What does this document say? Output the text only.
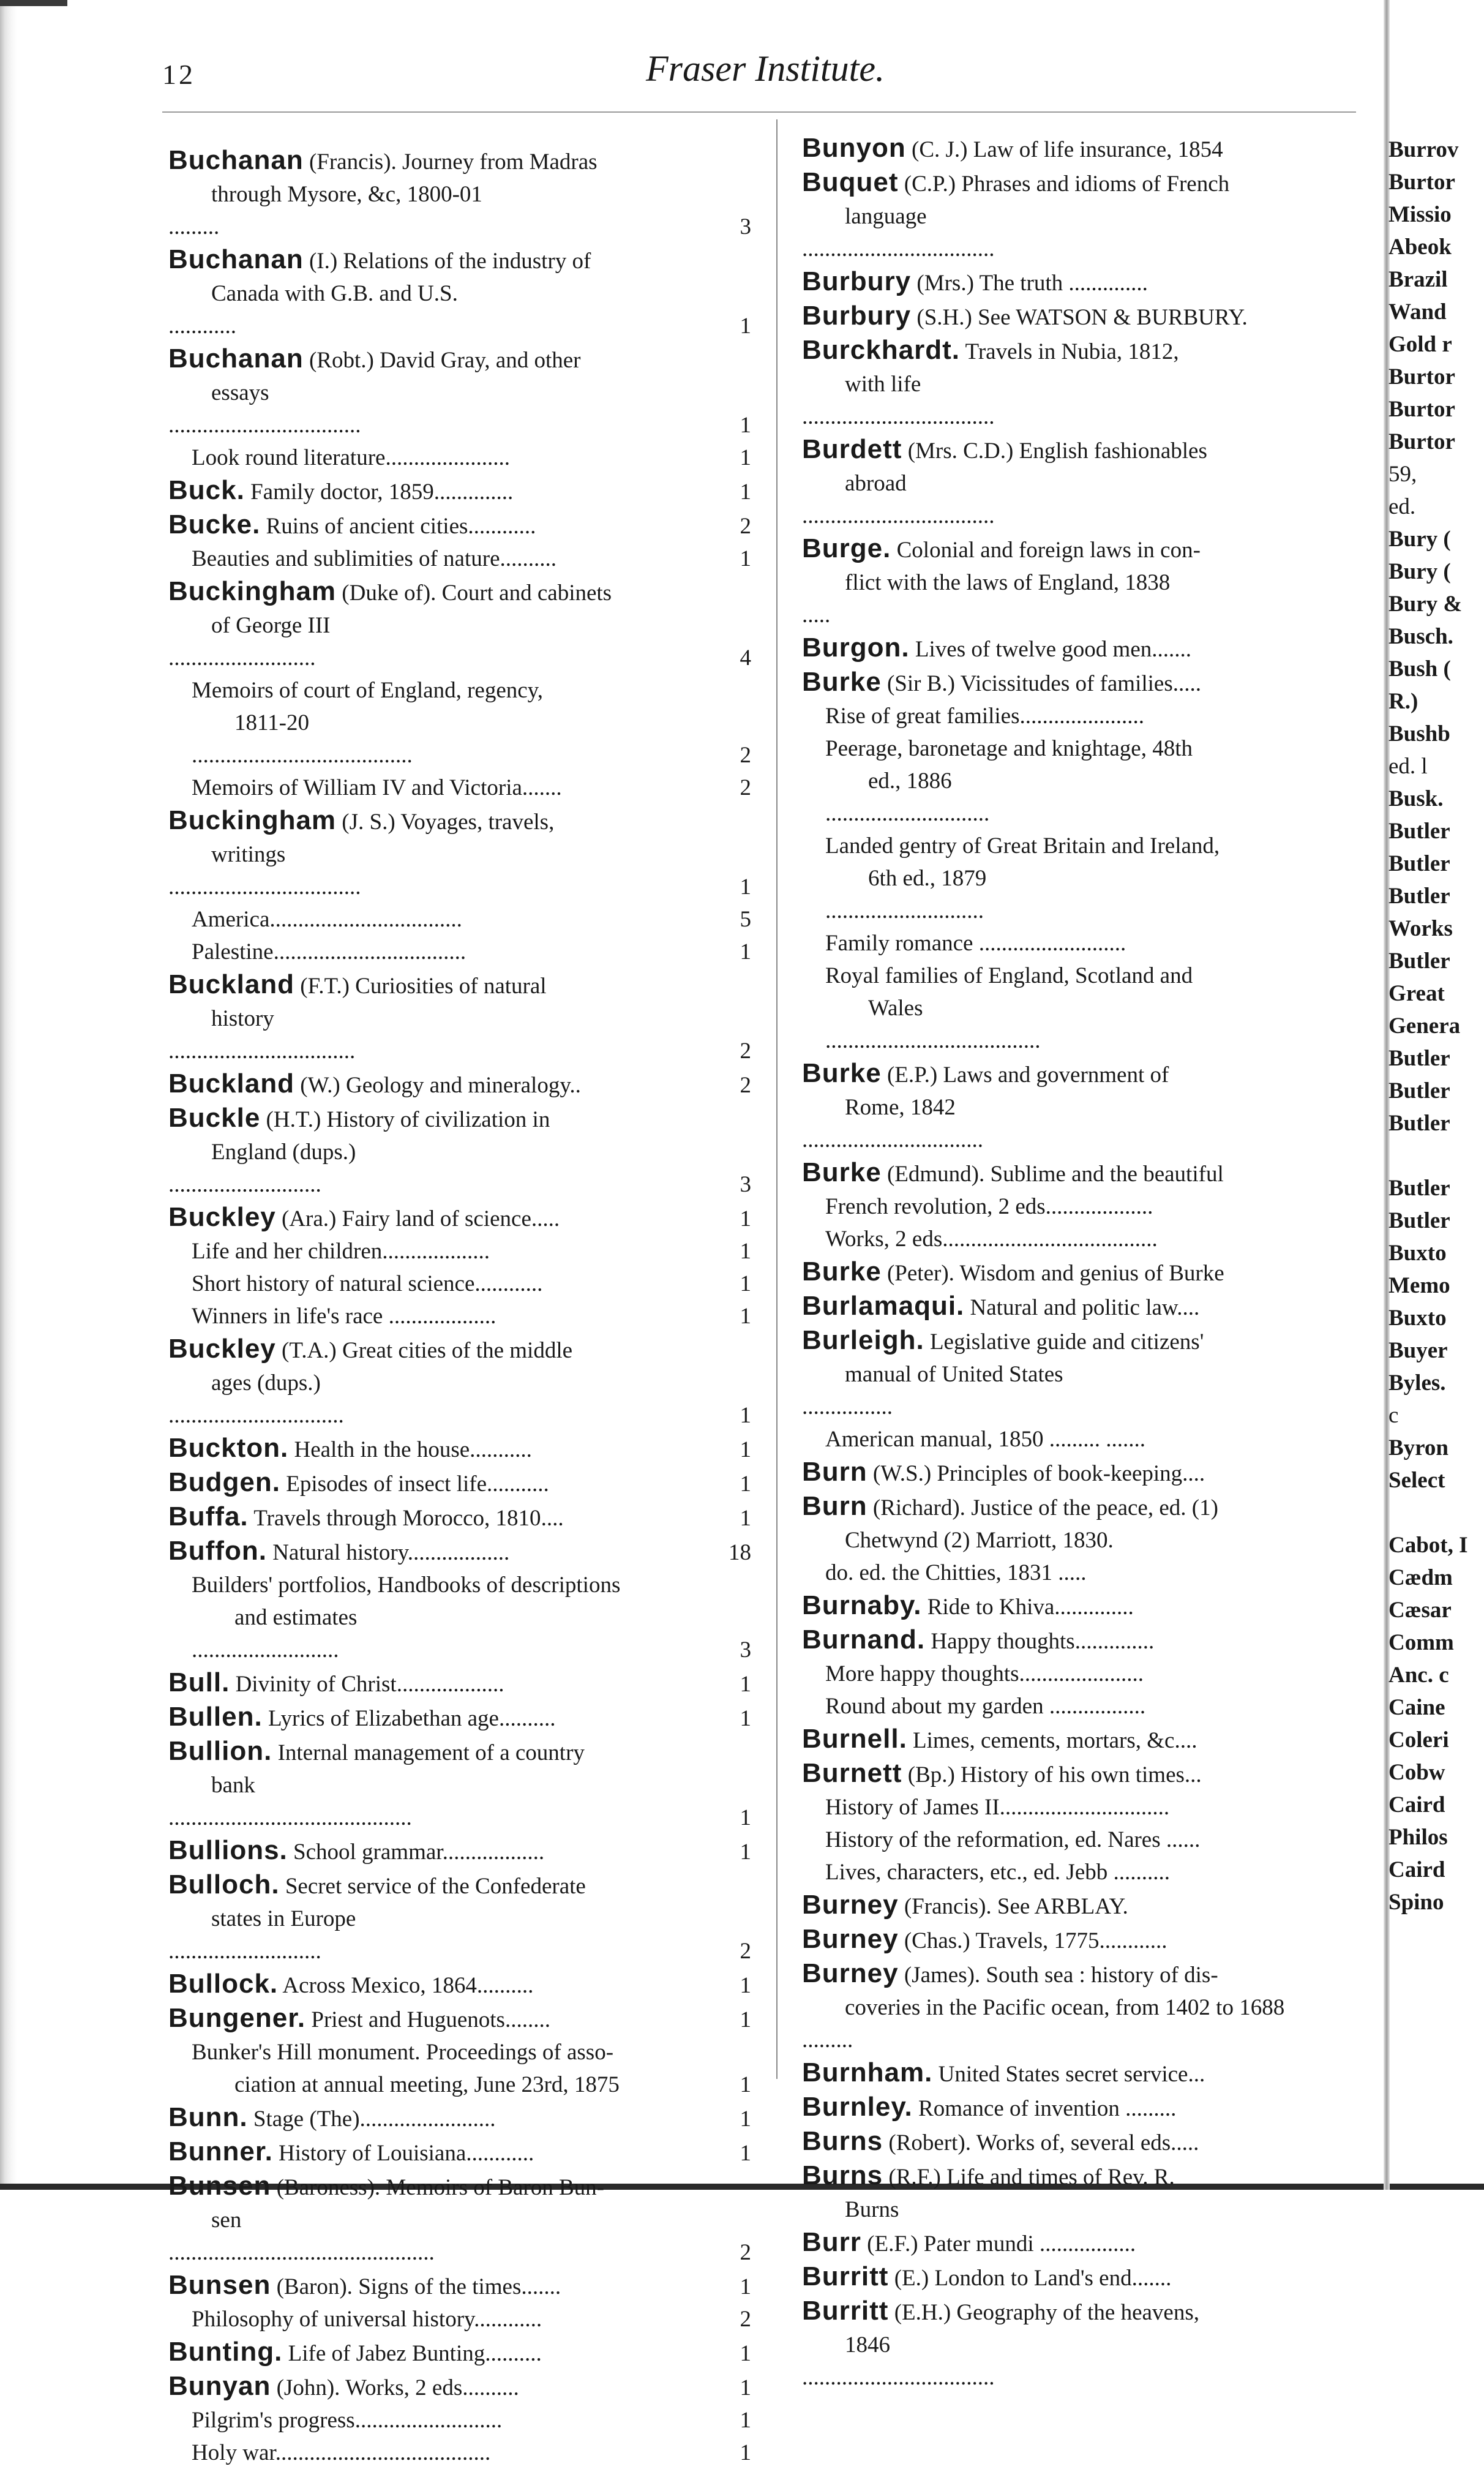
12	Fraser Institute.
Buchanan (Francis). Journey from Madras
through Mysore, &c, 1800-01
.........	3
Buchanan (I.) Relations of the industry of
Canada with G.B. and U.S.
............	1
Buchanan (Robt.) David Gray, and other
essays
..................................	1
Look round literature......................	1
Buck. Family doctor, 1859..............	1
Bucke. Ruins of ancient cities............	2
Beauties and sublimities of nature..........	1
Buckingham (Duke of). Court and cabinets
of George III
..........................	4
Memoirs of court of England, regency,
1811-20
.......................................	2
Memoirs of William IV and Victoria.......	2
Buckingham (J. S.) Voyages, travels,
writings
..................................	1
America..................................	5
Palestine..................................	1
Buckland (F.T.) Curiosities of natural
history
.................................	2
Buckland (W.) Geology and mineralogy..	2
Buckle (H.T.) History of civilization in
England (dups.)
...........................	3
Buckley (Ara.) Fairy land of science.....	1
Life and her children...................	1
Short history of natural science............	1
Winners in life's race ...................	1
Buckley (T.A.) Great cities of the middle
ages (dups.)
...............................	1
Buckton. Health in the house...........	1
Budgen. Episodes of insect life...........	1
Buffa. Travels through Morocco, 1810....	1
Buffon. Natural history..................	18
Builders' portfolios, Handbooks of descriptions
and estimates
..........................	3
Bull. Divinity of Christ...................	1
Bullen. Lyrics of Elizabethan age..........	1
Bullion. Internal management of a country
bank
...........................................	1
Bullions. School grammar..................	1
Bulloch. Secret service of the Confederate
states in Europe
...........................	2
Bullock. Across Mexico, 1864..........	1
Bungener. Priest and Huguenots........	1
Bunker's Hill monument. Proceedings of asso-
ciation at annual meeting, June 23rd, 1875	1
Bunn. Stage (The)........................	1
Bunner. History of Louisiana............	1
Bunsen (Baroness). Memoirs of Baron Bun-
sen
...............................................	2
Bunsen (Baron). Signs of the times.......	1
Philosophy of universal history............	2
Bunting. Life of Jabez Bunting..........	1
Bunyan (John). Works, 2 eds..........	1
Pilgrim's progress..........................	1
Holy war......................................	1
Bunyon (C. J.) Law of life insurance, 1854
Buquet (C.P.) Phrases and idioms of French
language
..................................
Burbury (Mrs.) The truth ..............
Burbury (S.H.) See WATSON & BURBURY.
Burckhardt. Travels in Nubia, 1812,
with life
..................................
Burdett (Mrs. C.D.) English fashionables
abroad
..................................
Burge. Colonial and foreign laws in con-
flict with the laws of England, 1838
.....
Burgon. Lives of twelve good men.......
Burke (Sir B.) Vicissitudes of families.....
Rise of great families......................
Peerage, baronetage and knightage, 48th
ed., 1886
.............................
Landed gentry of Great Britain and Ireland,
6th ed., 1879
............................
Family romance ..........................
Royal families of England, Scotland and
Wales
......................................
Burke (E.P.) Laws and government of
Rome, 1842
................................
Burke (Edmund). Sublime and the beautiful
French revolution, 2 eds...................
Works, 2 eds......................................
Burke (Peter). Wisdom and genius of Burke
Burlamaqui. Natural and politic law....
Burleigh. Legislative guide and citizens'
manual of United States
................
American manual, 1850 ......... .......
Burn (W.S.) Principles of book-keeping....
Burn (Richard). Justice of the peace, ed. (1)
Chetwynd (2) Marriott, 1830.
do. ed. the Chitties, 1831 .....
Burnaby. Ride to Khiva..............
Burnand. Happy thoughts..............
More happy thoughts......................
Round about my garden .................
Burnell. Limes, cements, mortars, &c....
Burnett (Bp.) History of his own times...
History of James II..............................
History of the reformation, ed. Nares ......
Lives, characters, etc., ed. Jebb ..........
Burney (Francis). See ARBLAY.
Burney (Chas.) Travels, 1775............
Burney (James). South sea : history of dis-
coveries in the Pacific ocean, from 1402 to 1688
.........
Burnham. United States secret service...
Burnley. Romance of invention .........
Burns (Robert). Works of, several eds.....
Burns (R.F.) Life and times of Rev. R.
Burns
Burr (E.F.) Pater mundi .................
Burritt (E.) London to Land's end.......
Burritt (E.H.) Geography of the heavens,
1846
..................................
Burrov
Burtor
Missio
Abeok
Brazil
Wand
Gold r
Burtor
Burtor
Burtor
59,
ed.
Bury (
Bury (
Bury &
Busch.
Bush (
R.)
Bushb
ed. l
Busk.
Butler
Butler
Butler
Works
Butler
Great
Genera
Butler
Butler
Butler

Butler
Butler
Buxto
Memo
Buxto
Buyer
Byles.
c
Byron
Select

Cabot, I
Cædm
Cæsar
Comm
Anc. c
Caine
Coleri
Cobw
Caird
Philos
Caird
Spino
